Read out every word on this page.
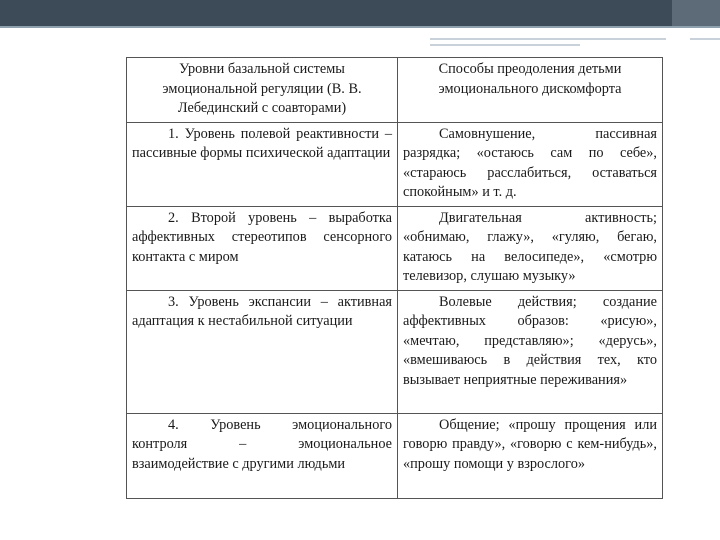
Уровни базальной системы эмоциональной регуляции (В. В. Лебединский с соавторами)	Способы преодоления детьми эмоционального дискомфорта
1. Уровень полевой реактивности – пассивные формы психической адаптации	Самовнушение, пассивная разрядка; «остаюсь сам по себе», «стараюсь расслабиться, оставаться спокойным» и т. д.
2. Второй уровень – выработка аффективных стереотипов сенсорного контакта с миром	Двигательная активность; «обнимаю, глажу», «гуляю, бегаю, катаюсь на велосипеде», «смотрю телевизор, слушаю музыку»
3. Уровень экспансии – активная адаптация к нестабильной ситуации	Волевые действия; создание аффективных образов: «рисую», «мечтаю, представляю»; «дерусь», «вмешиваюсь в действия тех, кто вызывает неприятные переживания»
4. Уровень эмоционального контроля – эмоциональное взаимодействие с другими людьми	Общение; «прошу прощения или говорю правду», «говорю с кем-нибудь», «прошу помощи у взрослого»
